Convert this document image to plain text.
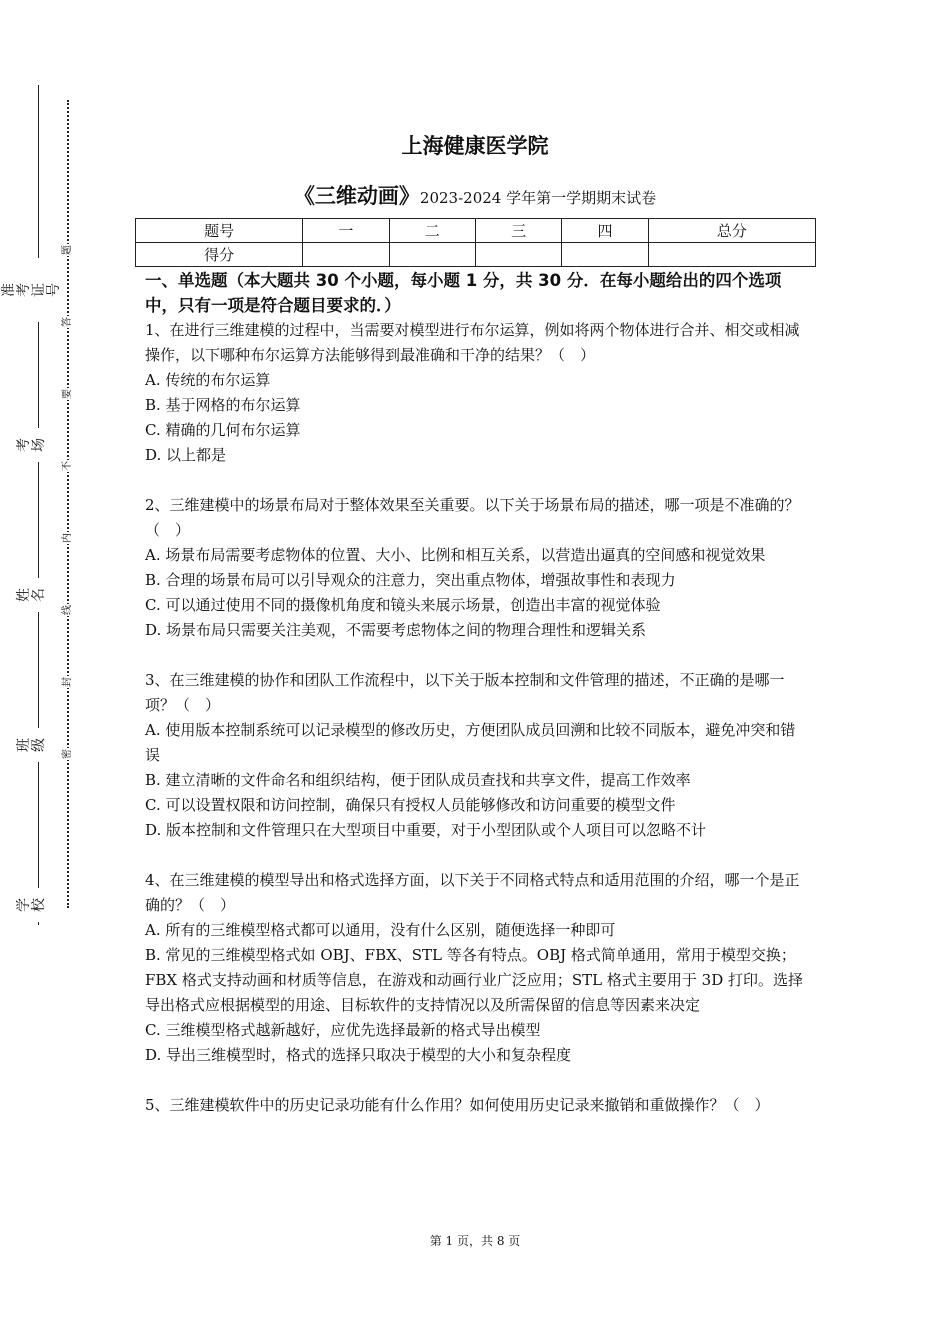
准考证号
考场
姓名
班级
学校
题
答
要
不
内
线
封
密
上海健康医学院
《三维动画》2023-2024 学年第一学期期末试卷
题号	一	二	三	四	总分
得分					
一、单选题（本大题共 30 个小题，每小题 1 分，共 30 分．在每小题给出的四个选项中，只有一项是符合题目要求的．）

1、在进行三维建模的过程中，当需要对模型进行布尔运算，例如将两个物体进行合并、相交或相减操作，以下哪种布尔运算方法能够得到最准确和干净的结果？（　）

A. 传统的布尔运算

B. 基于网格的布尔运算

C. 精确的几何布尔运算

D. 以上都是

2、三维建模中的场景布局对于整体效果至关重要。以下关于场景布局的描述，哪一项是不准确的？（　）

A. 场景布局需要考虑物体的位置、大小、比例和相互关系，以营造出逼真的空间感和视觉效果

B. 合理的场景布局可以引导观众的注意力，突出重点物体，增强故事性和表现力

C. 可以通过使用不同的摄像机角度和镜头来展示场景，创造出丰富的视觉体验

D. 场景布局只需要关注美观，不需要考虑物体之间的物理合理性和逻辑关系

3、在三维建模的协作和团队工作流程中，以下关于版本控制和文件管理的描述，不正确的是哪一项？（　）

A. 使用版本控制系统可以记录模型的修改历史，方便团队成员回溯和比较不同版本，避免冲突和错误

B. 建立清晰的文件命名和组织结构，便于团队成员查找和共享文件，提高工作效率

C. 可以设置权限和访问控制，确保只有授权人员能够修改和访问重要的模型文件

D. 版本控制和文件管理只在大型项目中重要，对于小型团队或个人项目可以忽略不计

4、在三维建模的模型导出和格式选择方面，以下关于不同格式特点和适用范围的介绍，哪一个是正确的？（　）

A. 所有的三维模型格式都可以通用，没有什么区别，随便选择一种即可

B. 常见的三维模型格式如 OBJ、FBX、STL 等各有特点。OBJ 格式简单通用，常用于模型交换；FBX 格式支持动画和材质等信息，在游戏和动画行业广泛应用；STL 格式主要用于 3D 打印。选择导出格式应根据模型的用途、目标软件的支持情况以及所需保留的信息等因素来决定

C. 三维模型格式越新越好，应优先选择最新的格式导出模型

D. 导出三维模型时，格式的选择只取决于模型的大小和复杂程度

5、三维建模软件中的历史记录功能有什么作用？如何使用历史记录来撤销和重做操作？（　）

第 1 页，共 8 页
